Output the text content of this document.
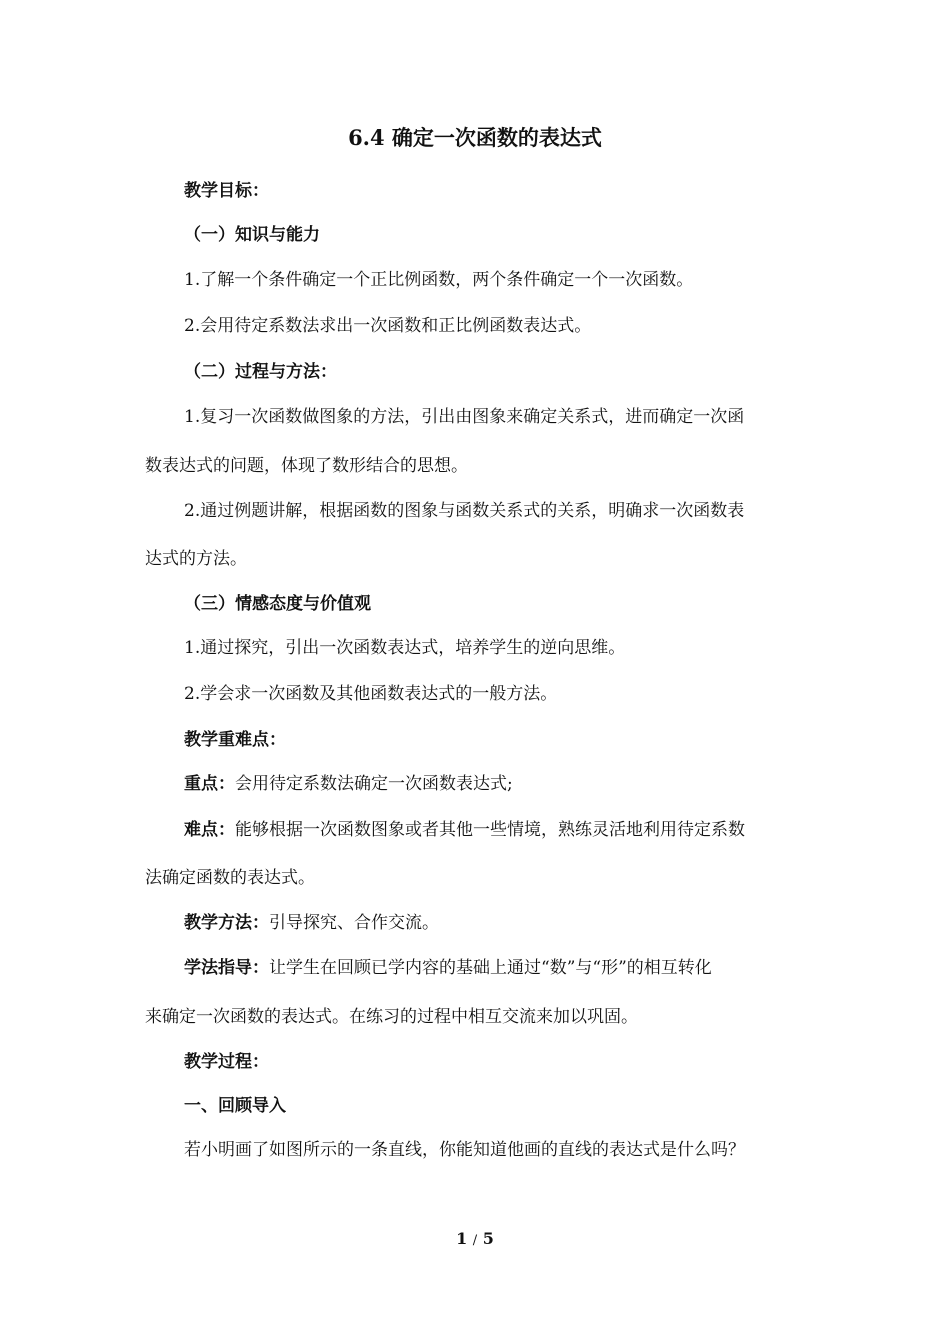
6.4 确定一次函数的表达式
教学目标：
（一）知识与能力
1.了解一个条件确定一个正比例函数，两个条件确定一个一次函数。
2.会用待定系数法求出一次函数和正比例函数表达式。
（二）过程与方法：
1.复习一次函数做图象的方法，引出由图象来确定关系式，进而确定一次函
数表达式的问题，体现了数形结合的思想。
2.通过例题讲解，根据函数的图象与函数关系式的关系，明确求一次函数表
达式的方法。
（三）情感态度与价值观
1.通过探究，引出一次函数表达式，培养学生的逆向思维。
2.学会求一次函数及其他函数表达式的一般方法。
教学重难点：
重点：会用待定系数法确定一次函数表达式;
难点：能够根据一次函数图象或者其他一些情境，熟练灵活地利用待定系数
法确定函数的表达式。
教学方法：引导探究、合作交流。
学法指导：让学生在回顾已学内容的基础上通过“数”与“形”的相互转化
来确定一次函数的表达式。在练习的过程中相互交流来加以巩固。
教学过程：
一、回顾导入
若小明画了如图所示的一条直线，你能知道他画的直线的表达式是什么吗？
1 / 5
